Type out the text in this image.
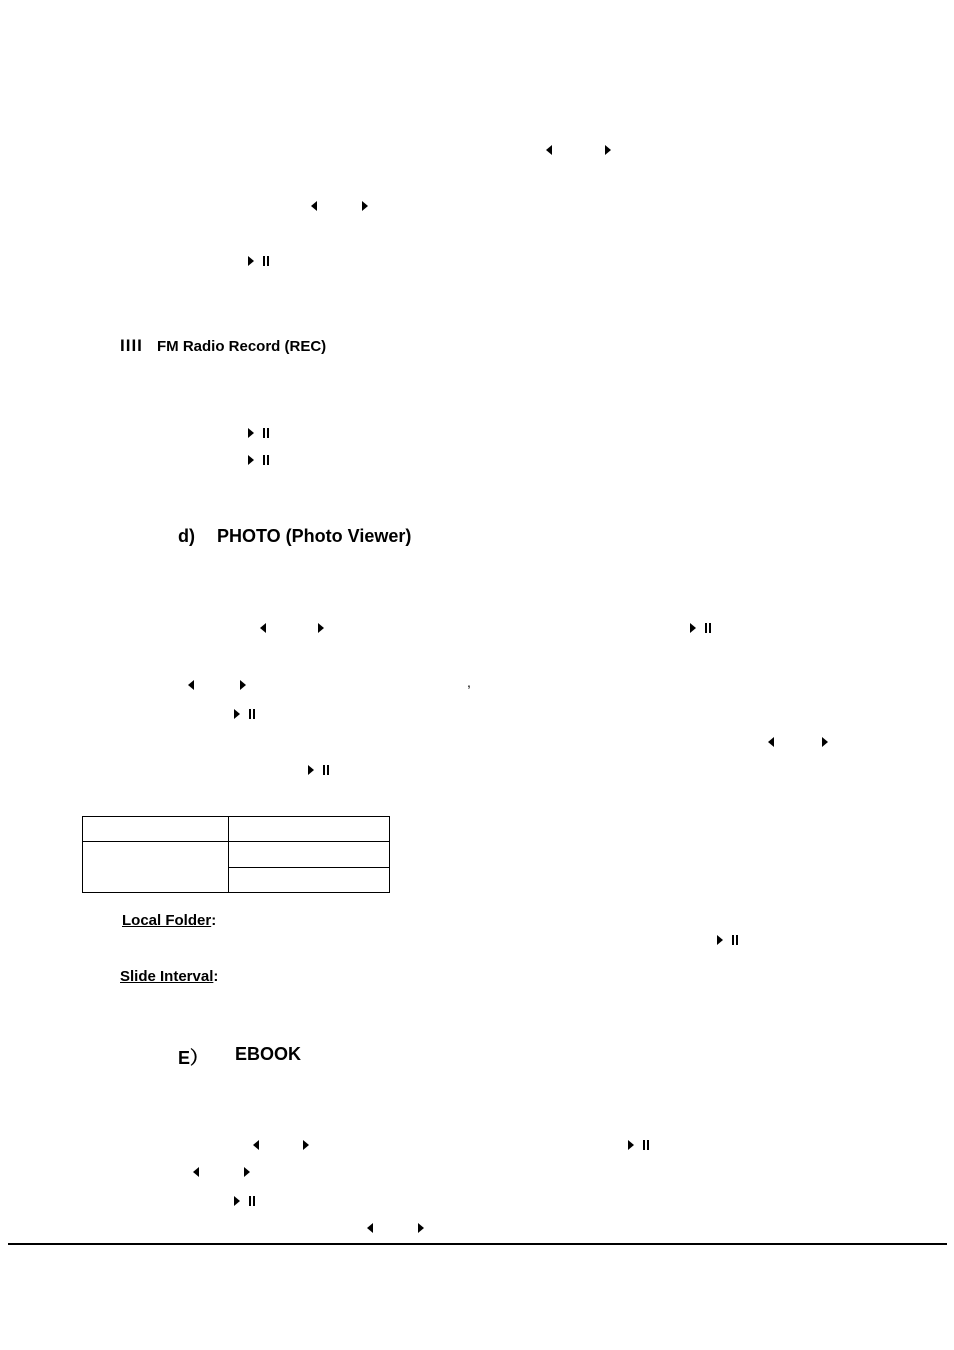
IIII FM Radio Record (REC)
d) PHOTO (Photo Viewer)
,

Local Folder:
Slide Interval:
E） EBOOK
